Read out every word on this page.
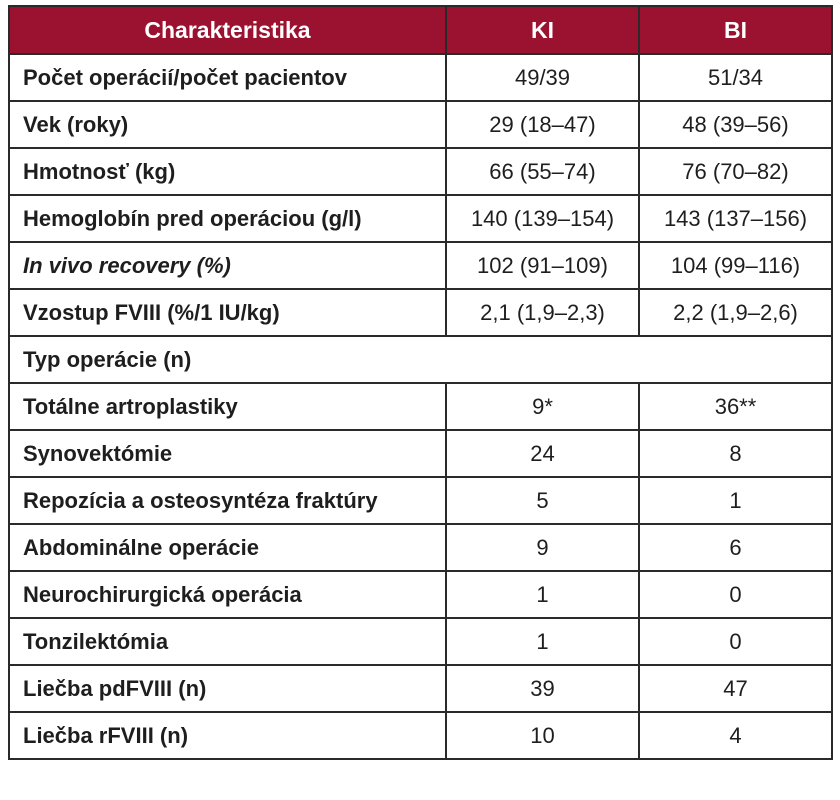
Charakteristika	KI	BI
Počet operácií/počet pacientov	49/39	51/34
Vek (roky)	29 (18–47)	48 (39–56)
Hmotnosť (kg)	66 (55–74)	76 (70–82)
Hemoglobín pred operáciou (g/l)	140 (139–154)	143 (137–156)
In vivo recovery (%)	102 (91–109)	104 (99–116)
Vzostup FVIII (%/1 IU/kg)	2,1 (1,9–2,3)	2,2 (1,9–2,6)
Typ operácie (n)		
Totálne artroplastiky	9*	36**
Synovektómie	24	8
Repozícia a osteosyntéza fraktúry	5	1
Abdominálne operácie	9	6
Neurochirurgická operácia	1	0
Tonzilektómia	1	0
Liečba pdFVIII (n)	39	47
Liečba rFVIII (n)	10	4
